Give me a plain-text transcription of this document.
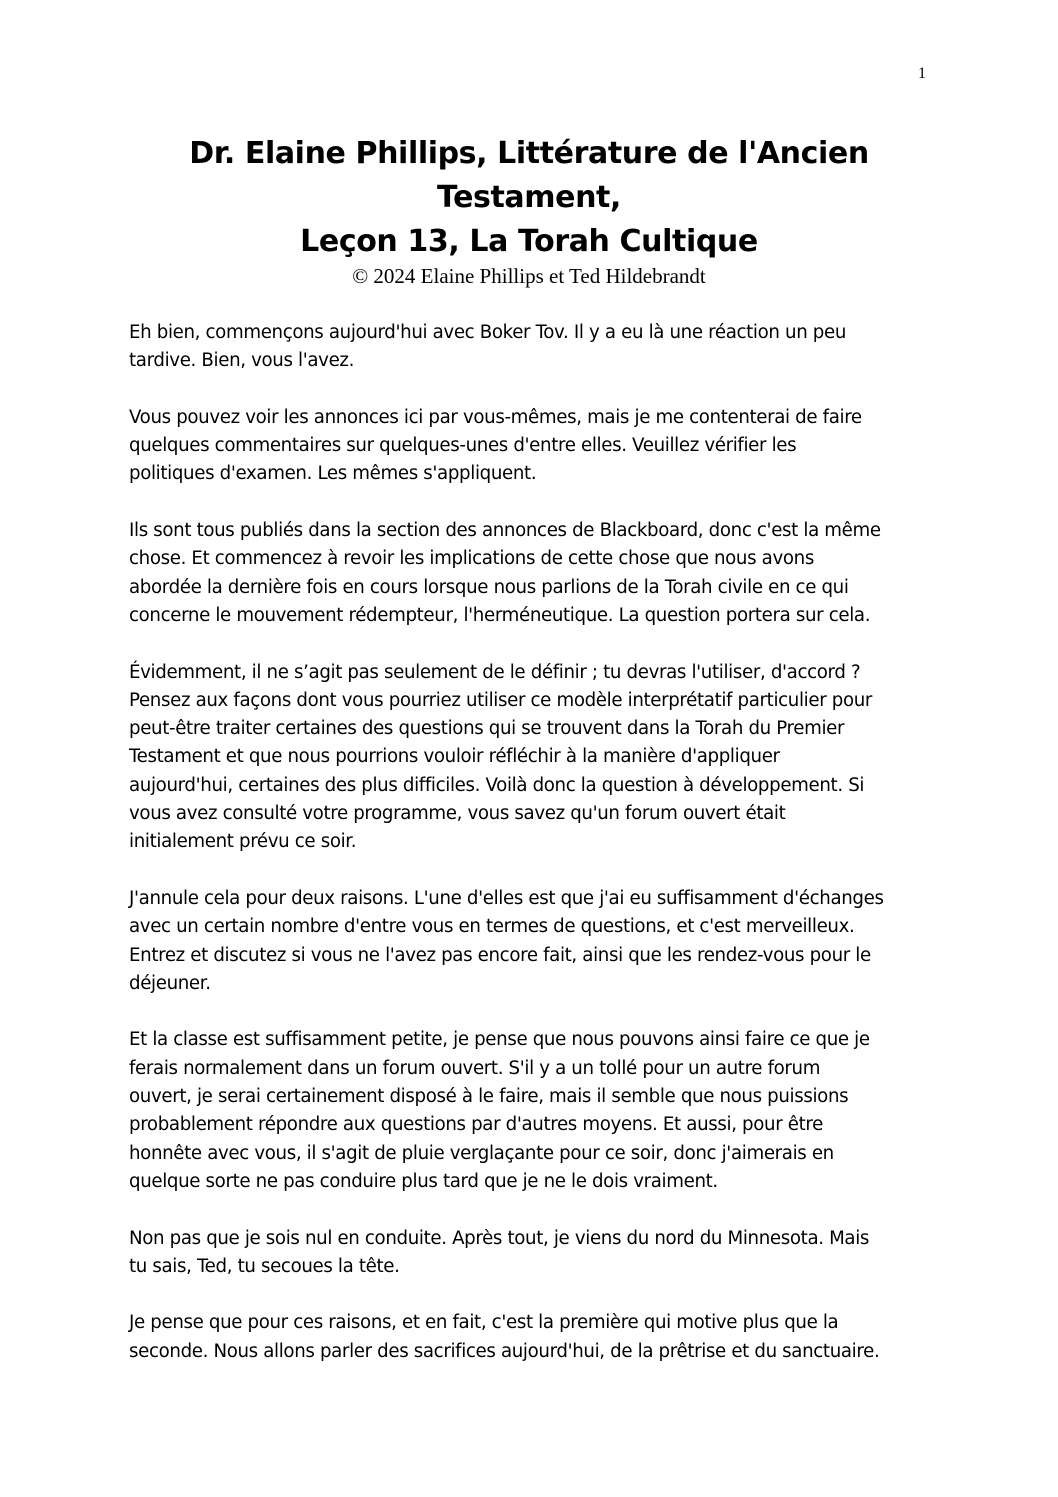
1
Dr. Elaine Phillips, Littérature de l'Ancien
Testament,
Leçon 13, La Torah Cultique
© 2024 Elaine Phillips et Ted Hildebrandt

Eh bien, commençons aujourd'hui avec Boker Tov. Il y a eu là une réaction un peu
tardive. Bien, vous l'avez.

Vous pouvez voir les annonces ici par vous-mêmes, mais je me contenterai de faire
quelques commentaires sur quelques-unes d'entre elles. Veuillez vérifier les
politiques d'examen. Les mêmes s'appliquent.

Ils sont tous publiés dans la section des annonces de Blackboard, donc c'est la même
chose. Et commencez à revoir les implications de cette chose que nous avons
abordée la dernière fois en cours lorsque nous parlions de la Torah civile en ce qui
concerne le mouvement rédempteur, l'herméneutique. La question portera sur cela.

Évidemment, il ne s’agit pas seulement de le définir ; tu devras l'utiliser, d'accord ?
Pensez aux façons dont vous pourriez utiliser ce modèle interprétatif particulier pour
peut-être traiter certaines des questions qui se trouvent dans la Torah du Premier
Testament et que nous pourrions vouloir réfléchir à la manière d'appliquer
aujourd'hui, certaines des plus difficiles. Voilà donc la question à développement. Si
vous avez consulté votre programme, vous savez qu'un forum ouvert était
initialement prévu ce soir.

J'annule cela pour deux raisons. L'une d'elles est que j'ai eu suffisamment d'échanges
avec un certain nombre d'entre vous en termes de questions, et c'est merveilleux.
Entrez et discutez si vous ne l'avez pas encore fait, ainsi que les rendez-vous pour le
déjeuner.

Et la classe est suffisamment petite, je pense que nous pouvons ainsi faire ce que je
ferais normalement dans un forum ouvert. S'il y a un tollé pour un autre forum
ouvert, je serai certainement disposé à le faire, mais il semble que nous puissions
probablement répondre aux questions par d'autres moyens. Et aussi, pour être
honnête avec vous, il s'agit de pluie verglaçante pour ce soir, donc j'aimerais en
quelque sorte ne pas conduire plus tard que je ne le dois vraiment.

Non pas que je sois nul en conduite. Après tout, je viens du nord du Minnesota. Mais
tu sais, Ted, tu secoues la tête.

Je pense que pour ces raisons, et en fait, c'est la première qui motive plus que la
seconde. Nous allons parler des sacrifices aujourd'hui, de la prêtrise et du sanctuaire.
